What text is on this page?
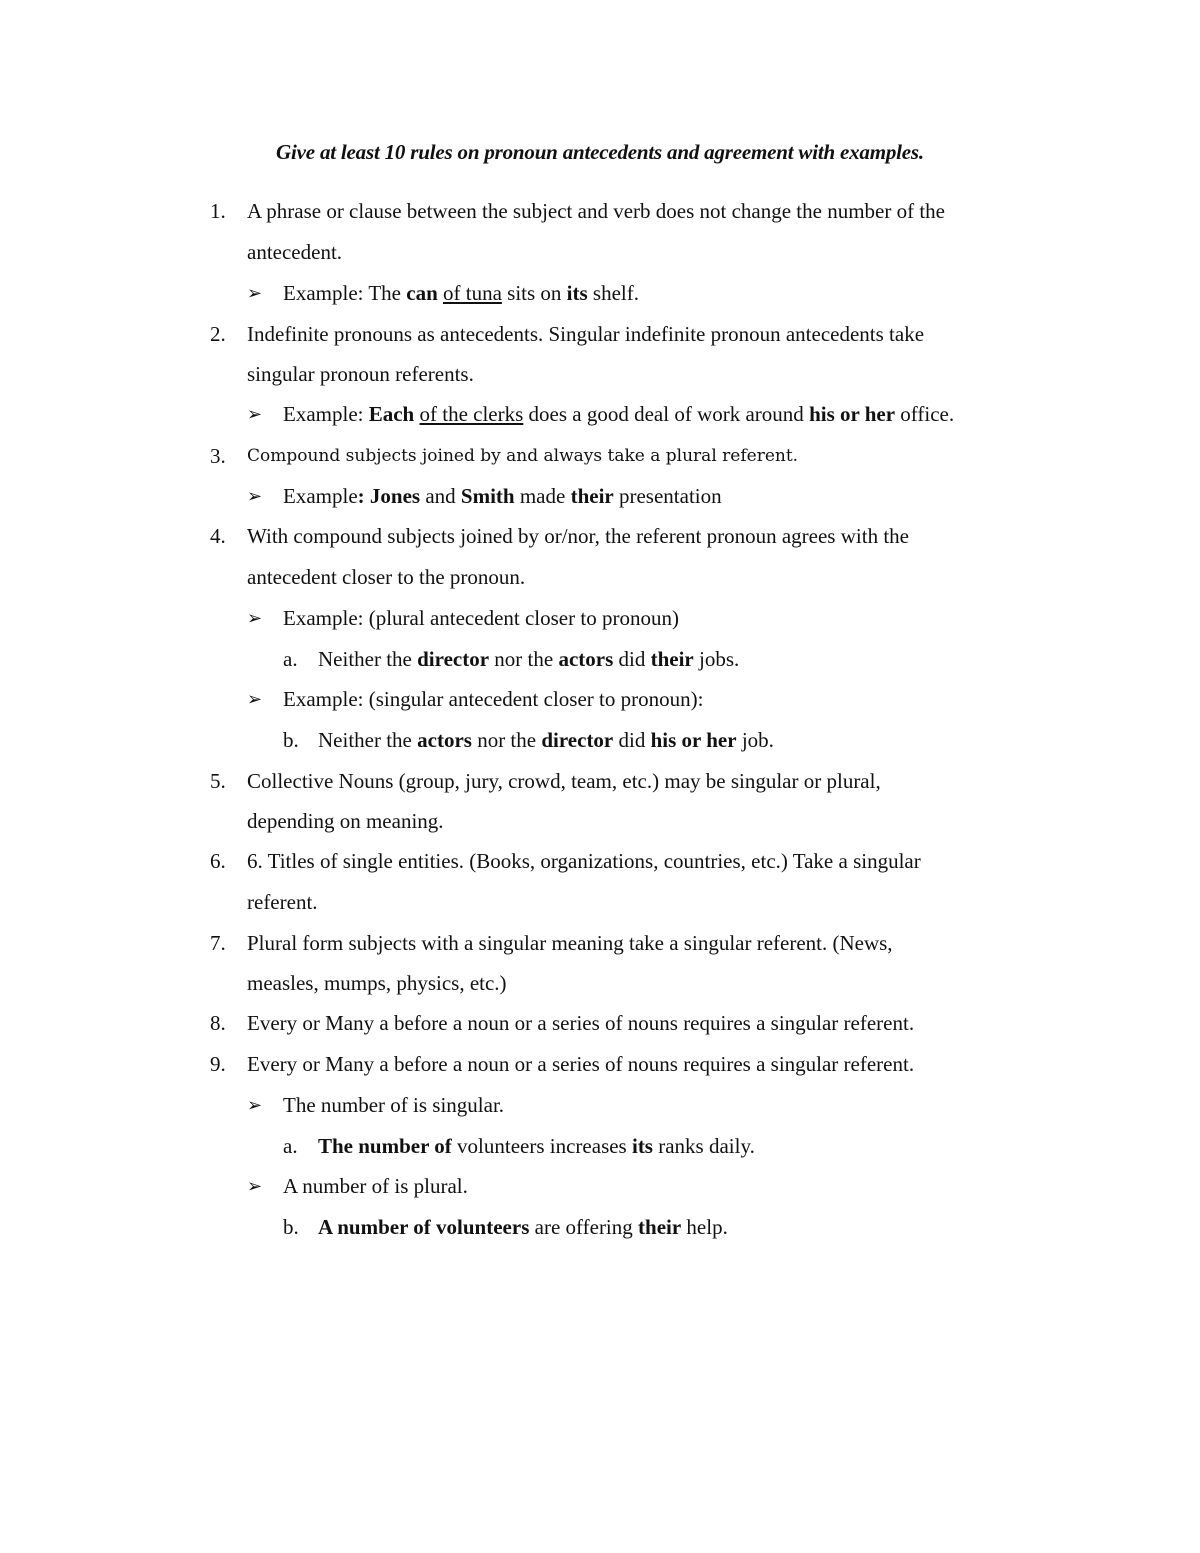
Give at least 10 rules on pronoun antecedents and agreement with examples.
1. A phrase or clause between the subject and verb does not change the number of the
antecedent.
➢ Example: The can of tuna sits on its shelf.
2. Indefinite pronouns as antecedents. Singular indefinite pronoun antecedents take
singular pronoun referents.
➢ Example: Each of the clerks does a good deal of work around his or her office.
3. Compound subjects joined by and always take a plural referent.
➢ Example: Jones and Smith made their presentation
4. With compound subjects joined by or/nor, the referent pronoun agrees with the
antecedent closer to the pronoun.
➢ Example: (plural antecedent closer to pronoun)
a. Neither the director nor the actors did their jobs.
➢ Example: (singular antecedent closer to pronoun):
b. Neither the actors nor the director did his or her job.
5. Collective Nouns (group, jury, crowd, team, etc.) may be singular or plural,
depending on meaning.
6. 6. Titles of single entities. (Books, organizations, countries, etc.) Take a singular
referent.
7. Plural form subjects with a singular meaning take a singular referent. (News,
measles, mumps, physics, etc.)
8. Every or Many a before a noun or a series of nouns requires a singular referent.
9. Every or Many a before a noun or a series of nouns requires a singular referent.
➢ The number of is singular.
a. The number of volunteers increases its ranks daily.
➢ A number of is plural.
b. A number of volunteers are offering their help.
